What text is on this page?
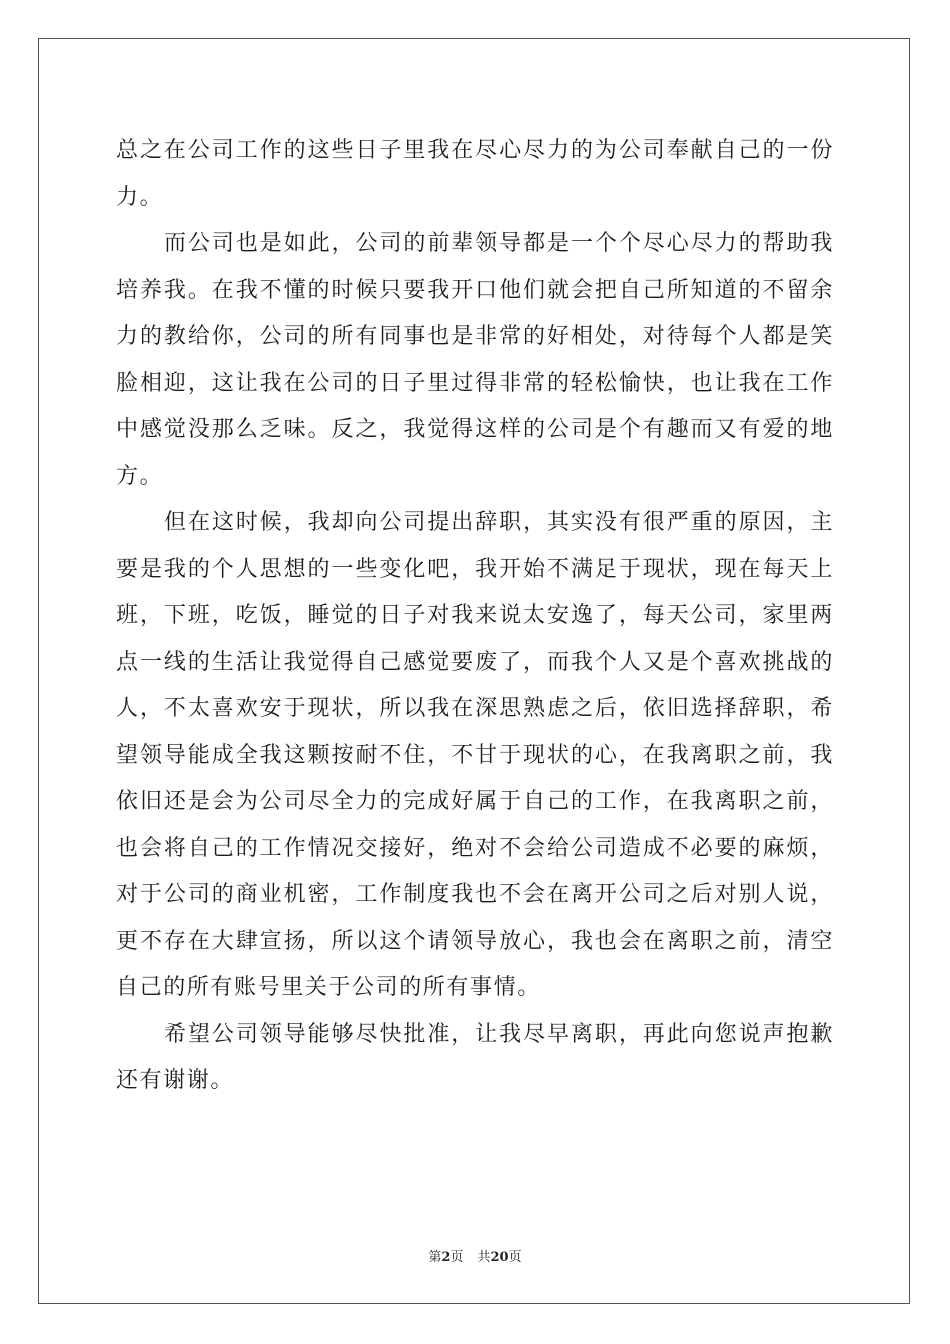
总之在公司工作的这些日子里我在尽心尽力的为公司奉献自己的一份力。

而公司也是如此，公司的前辈领导都是一个个尽心尽力的帮助我培养我。在我不懂的时候只要我开口他们就会把自己所知道的不留余力的教给你，公司的所有同事也是非常的好相处，对待每个人都是笑脸相迎，这让我在公司的日子里过得非常的轻松愉快，也让我在工作中感觉没那么乏味。反之，我觉得这样的公司是个有趣而又有爱的地方。

但在这时候，我却向公司提出辞职，其实没有很严重的原因，主要是我的个人思想的一些变化吧，我开始不满足于现状，现在每天上班，下班，吃饭，睡觉的日子对我来说太安逸了，每天公司，家里两点一线的生活让我觉得自己感觉要废了，而我个人又是个喜欢挑战的人，不太喜欢安于现状，所以我在深思熟虑之后，依旧选择辞职，希望领导能成全我这颗按耐不住，不甘于现状的心，在我离职之前，我依旧还是会为公司尽全力的完成好属于自己的工作，在我离职之前，也会将自己的工作情况交接好，绝对不会给公司造成不必要的麻烦，对于公司的商业机密，工作制度我也不会在离开公司之后对别人说，更不存在大肆宣扬，所以这个请领导放心，我也会在离职之前，清空自己的所有账号里关于公司的所有事情。

希望公司领导能够尽快批准，让我尽早离职，再此向您说声抱歉还有谢谢。

第2页 共20页
